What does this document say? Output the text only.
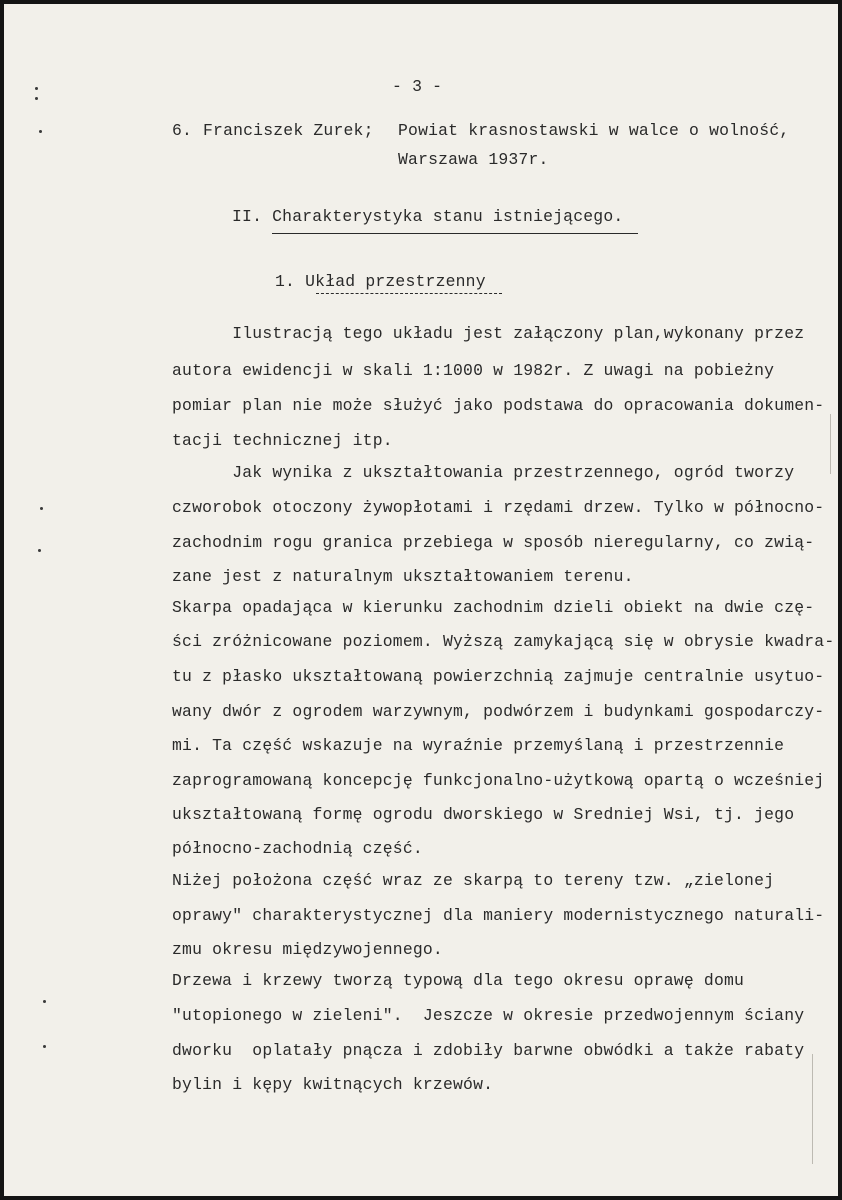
- 3 -
6. Franciszek Zurek; Powiat krasnostawski w walce o wolność,
Warszawa 1937r.
II. Charakterystyka stanu istniejącego.
1. Układ przestrzenny
Ilustracją tego układu jest załączony plan,wykonany przez
autora ewidencji w skali 1:1000 w 1982r. Z uwagi na pobieżny
pomiar plan nie może służyć jako podstawa do opracowania dokumen-
tacji technicznej itp.
Jak wynika z ukształtowania przestrzennego, ogród tworzy
czworobok otoczony żywopłotami i rzędami drzew. Tylko w północno-
zachodnim rogu granica przebiega w sposób nieregularny, co zwią-
zane jest z naturalnym ukształtowaniem terenu.
Skarpa opadająca w kierunku zachodnim dzieli obiekt na dwie czę-
ści zróżnicowane poziomem. Wyższą zamykającą się w obrysie kwadra-
tu z płasko ukształtowaną powierzchnią zajmuje centralnie usytuo-
wany dwór z ogrodem warzywnym, podwórzem i budynkami gospodarczy-
mi. Ta część wskazuje na wyraźnie przemyślaną i przestrzennie
zaprogramowaną koncepcję funkcjonalno-użytkową opartą o wcześniej
ukształtowaną formę ogrodu dworskiego w Sredniej Wsi, tj. jego
północno-zachodnią część.
Niżej położona część wraz ze skarpą to tereny tzw. „zielonej
oprawy" charakterystycznej dla maniery modernistycznego naturali-
zmu okresu międzywojennego.
Drzewa i krzewy tworzą typową dla tego okresu oprawę domu
"utopionego w zieleni".  Jeszcze w okresie przedwojennym ściany
dworku  oplatały pnącza i zdobiły barwne obwódki a także rabaty
bylin i kępy kwitnących krzewów.
